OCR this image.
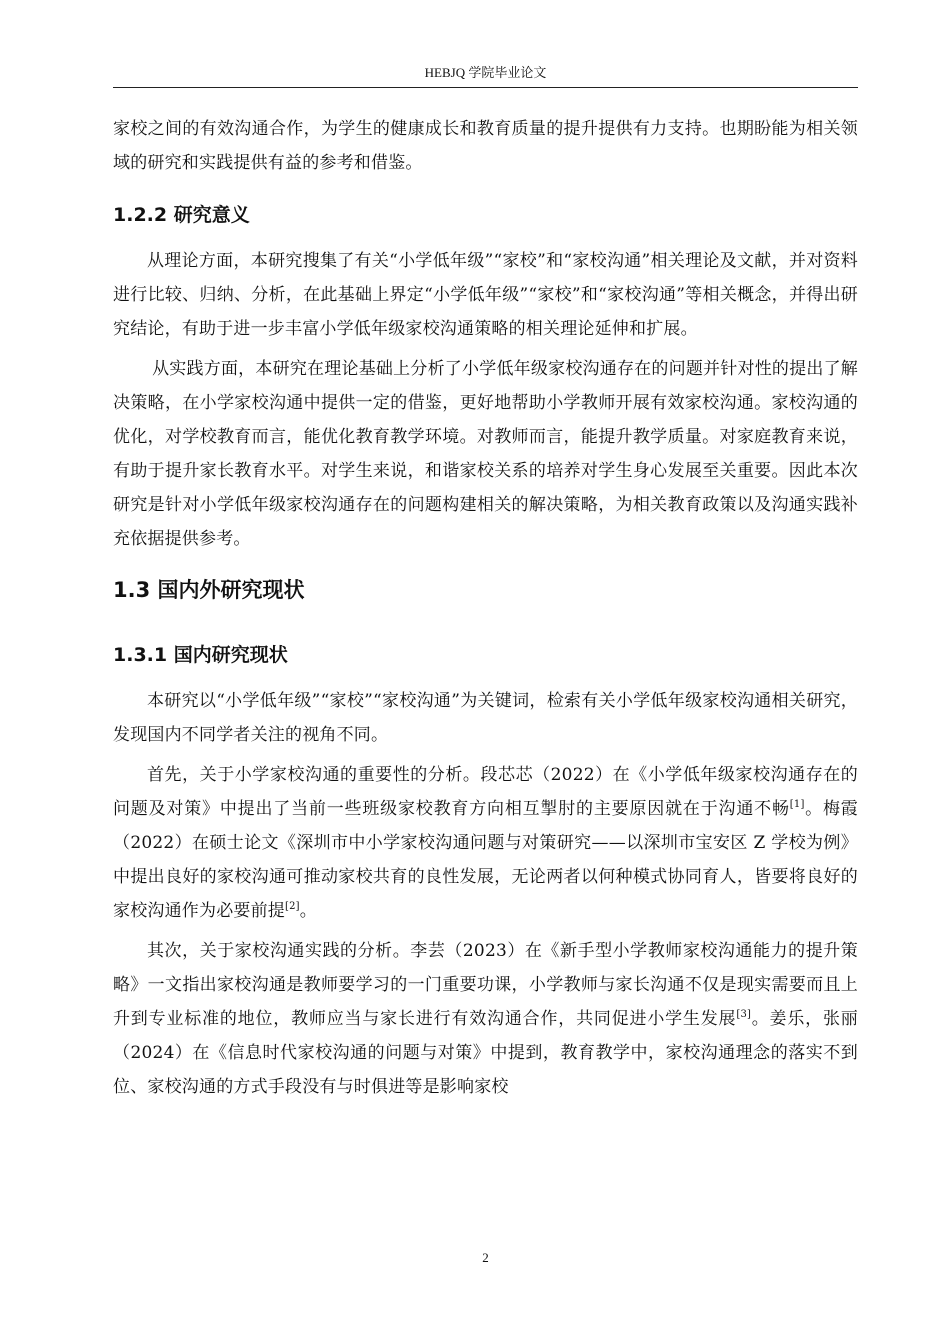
HEBJQ 学院毕业论文

家校之间的有效沟通合作，为学生的健康成长和教育质量的提升提供有力支持。也期盼能为相关领域的研究和实践提供有益的参考和借鉴。

1.2.2 研究意义

从理论方面，本研究搜集了有关“小学低年级”“家校”和“家校沟通”相关理论及文献，并对资料进行比较、归纳、分析，在此基础上界定“小学低年级”“家校”和“家校沟通”等相关概念，并得出研究结论，有助于进一步丰富小学低年级家校沟通策略的相关理论延伸和扩展。

从实践方面，本研究在理论基础上分析了小学低年级家校沟通存在的问题并针对性的提出了解决策略，在小学家校沟通中提供一定的借鉴，更好地帮助小学教师开展有效家校沟通。家校沟通的优化，对学校教育而言，能优化教育教学环境。对教师而言，能提升教学质量。对家庭教育来说，有助于提升家长教育水平。对学生来说，和谐家校关系的培养对学生身心发展至关重要。因此本次研究是针对小学低年级家校沟通存在的问题构建相关的解决策略，为相关教育政策以及沟通实践补充依据提供参考。

1.3 国内外研究现状
1.3.1 国内研究现状

本研究以“小学低年级”“家校”“家校沟通”为关键词，检索有关小学低年级家校沟通相关研究，发现国内不同学者关注的视角不同。

首先，关于小学家校沟通的重要性的分析。段芯芯（2022）在《小学低年级家校沟通存在的问题及对策》中提出了当前一些班级家校教育方向相互掣肘的主要原因就在于沟通不畅[1]。梅霞（2022）在硕士论文《深圳市中小学家校沟通问题与对策研究——以深圳市宝安区 Z 学校为例》中提出良好的家校沟通可推动家校共育的良性发展，无论两者以何种模式协同育人，皆要将良好的家校沟通作为必要前提[2]。

其次，关于家校沟通实践的分析。李芸（2023）在《新手型小学教师家校沟通能力的提升策略》一文指出家校沟通是教师要学习的一门重要功课，小学教师与家长沟通不仅是现实需要而且上升到专业标准的地位，教师应当与家长进行有效沟通合作，共同促进小学生发展[3]。姜乐，张丽（2024）在《信息时代家校沟通的问题与对策》中提到，教育教学中，家校沟通理念的落实不到位、家校沟通的方式手段没有与时俱进等是影响家校

2
